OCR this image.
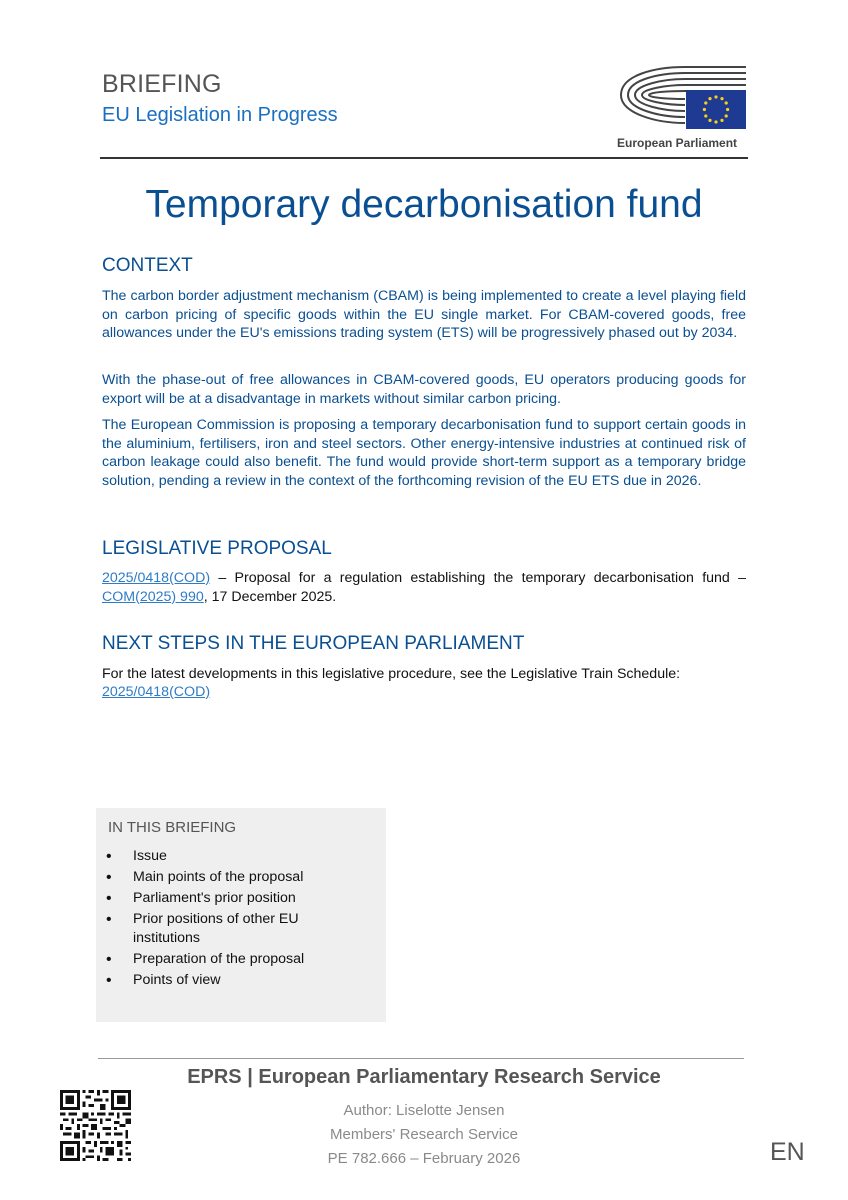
BRIEFING
EU Legislation in Progress
European Parliament
Temporary decarbonisation fund
CONTEXT

The carbon border adjustment mechanism (CBAM) is being implemented to create a level playing field on carbon pricing of specific goods within the EU single market. For CBAM-covered goods, free allowances under the EU's emissions trading system (ETS) will be progressively phased out by 2034.

With the phase-out of free allowances in CBAM-covered goods, EU operators producing goods for export will be at a disadvantage in markets without similar carbon pricing.

The European Commission is proposing a temporary decarbonisation fund to support certain goods in the aluminium, fertilisers, iron and steel sectors. Other energy-intensive industries at continued risk of carbon leakage could also benefit. The fund would provide short-term support as a temporary bridge solution, pending a review in the context of the forthcoming revision of the EU ETS due in 2026.

LEGISLATIVE PROPOSAL

2025/0418(COD) – Proposal for a regulation establishing the temporary decarbonisation fund – COM(2025) 990, 17 December 2025.

NEXT STEPS IN THE EUROPEAN PARLIAMENT

For the latest developments in this legislative procedure, see the Legislative Train Schedule:

2025/0418(COD)
IN THIS BRIEFING
• Issue
• Main points of the proposal
• Parliament's prior position
• Prior positions of other EU institutions
• Preparation of the proposal
• Points of view
EPRS | European Parliamentary Research Service
Author: Liselotte Jensen
Members' Research Service
PE 782.666 – February 2026	EN
